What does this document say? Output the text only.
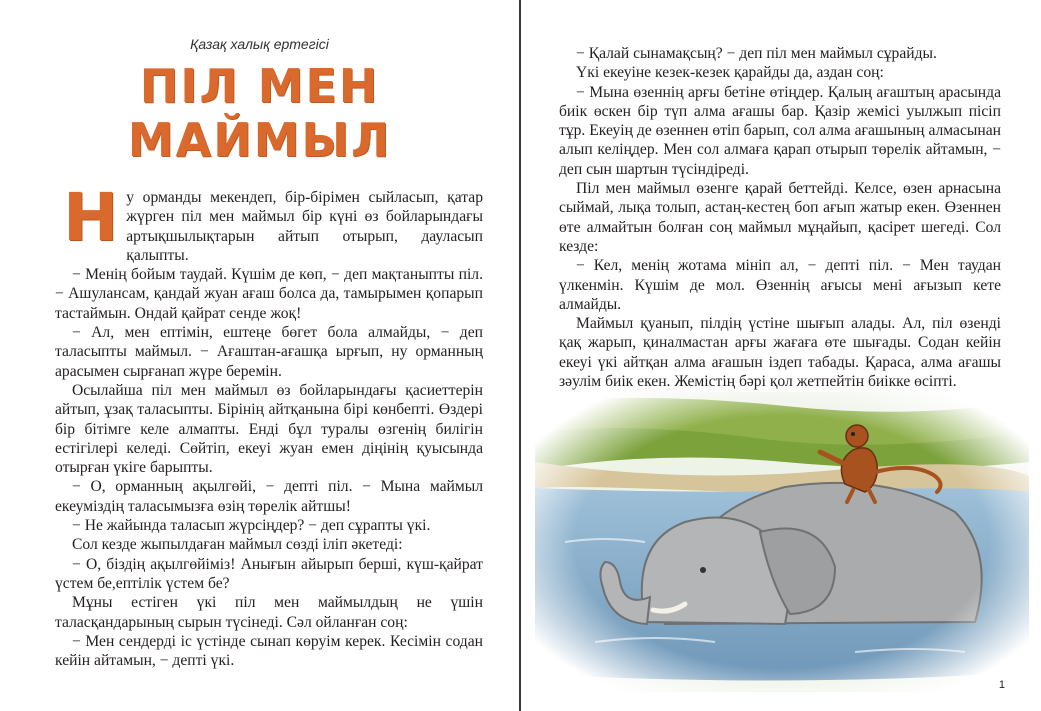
Қазақ халық ертегісі
ПІЛ МЕН
МАЙМЫЛ

Ну орманды мекендеп, бір-бірімен сыйласып, қатар жүрген піл мен маймыл бір күні өз бойларындағы артықшылықтарын айтып отырып, дауласып қалыпты.

− Менің бойым таудай. Күшім де көп, − деп мақтаныпты піл. − Ашулансам, қандай жуан ағаш болса да, тамырымен қопарып тастаймын. Ондай қайрат сенде жоқ!

− Ал, мен ептімін, ештеңе бөгет бола алмайды, − деп таласыпты маймыл. − Ағаштан-ағашқа ырғып, ну орманның арасымен сырғанап жүре беремін.

Осылайша піл мен маймыл өз бойларындағы қасиеттерін айтып, ұзақ таласыпты. Бірінің айтқанына бірі көнбепті. Өздері бір бітімге келе алмапты. Енді бұл туралы өзгенің билігін естігілері келеді. Сөйтіп, екеуі жуан емен діңінің қуысында отырған үкіге барыпты.

− О, орманның ақылгөйі, − депті піл. − Мына маймыл екеуміздің таласымызға өзің төрелік айтшы!

− Не жайында таласып жүрсіңдер? − деп сұрапты үкі.

Сол кезде жыпылдаған маймыл сөзді іліп әкетеді:

− О, біздің ақылгөйіміз! Анығын айырып берші, күш-қайрат үстем бе,ептілік үстем бе?

Мұны естіген үкі піл мен маймылдың не үшін таласқандарының сырын түсінеді. Сәл ойланған соң:

− Мен сендерді іс үстінде сынап көруім керек. Кесімін содан кейін айтамын, − депті үкі.

− Қалай сынамақсың? − деп піл мен маймыл сұрайды.

Үкі екеуіне кезек-кезек қарайды да, аздан соң:

− Мына өзеннің арғы бетіне өтіңдер. Қалың ағаштың арасында биік өскен бір түп алма ағашы бар. Қазір жемісі уылжып пісіп тұр. Екеуің де өзеннен өтіп барып, сол алма ағашының алмасынан алып келіңдер. Мен сол алмаға қарап отырып төрелік айтамын, − деп сын шартын түсіндіреді.

Піл мен маймыл өзенге қарай беттейді. Келсе, өзен арнасына сыймай, лықа толып, астаң-кестең боп ағып жатыр екен. Өзеннен өте алмайтын болған соң маймыл мұңайып, қасірет шегеді. Сол кезде:

− Кел, менің жотама мініп ал, − депті піл. − Мен таудан үлкенмін. Күшім де мол. Өзеннің ағысы мені ағызып кете алмайды.

Маймыл қуанып, пілдің үстіне шығып алады. Ал, піл өзенді қақ жарып, қиналмастан арғы жағаға өте шығады. Содан кейін екеуі үкі айтқан алма ағашын іздеп табады. Қараса, алма ағашы зәулім биік екен. Жемістің бәрі қол жетпейтін биікке өсіпті.

1
